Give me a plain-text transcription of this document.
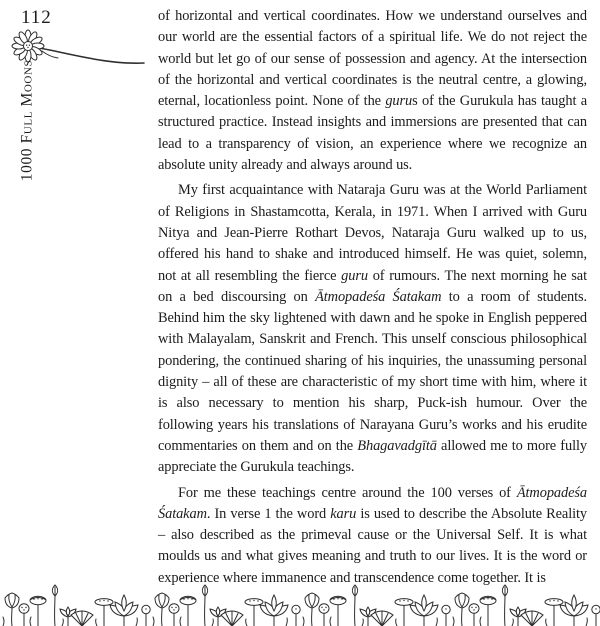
112
1000 Full Moons

of horizontal and vertical coordinates. How we understand ourselves and our world are the essential factors of a spiritual life. We do not reject the world but let go of our sense of possession and agency. At the intersection of the horizontal and vertical coordinates is the neutral centre, a glowing, eternal, locationless point. None of the gurus of the Gurukula has taught a structured practice. Instead insights and immersions are presented that can lead to a transparency of vision, an experience where we recognize an absolute unity already and always around us.

My first acquaintance with Nataraja Guru was at the World Parliament of Religions in Shastamcotta, Kerala, in 1971. When I arrived with Guru Nitya and Jean-Pierre Rothart Devos, Nataraja Guru walked up to us, offered his hand to shake and introduced himself. He was quiet, solemn, not at all resembling the fierce guru of rumours. The next morning he sat on a bed discoursing on Ātmopadeśa Śatakam to a room of students. Behind him the sky lightened with dawn and he spoke in English peppered with Malayalam, Sanskrit and French. This unself conscious philosophical pondering, the continued sharing of his inquiries, the unassuming personal dignity – all of these are characteristic of my short time with him, where it is also necessary to mention his sharp, Puck-ish humour. Over the following years his translations of Narayana Guru’s works and his erudite commentaries on them and on the Bhagavadgītā allowed me to more fully appreciate the Gurukula teachings.

For me these teachings centre around the 100 verses of Ātmopadeśa Śatakam. In verse 1 the word karu is used to describe the Absolute Reality – also described as the primeval cause or the Universal Self. It is what moulds us and what gives meaning and truth to our lives. It is the word or experience where immanence and transcendence come together. It is
